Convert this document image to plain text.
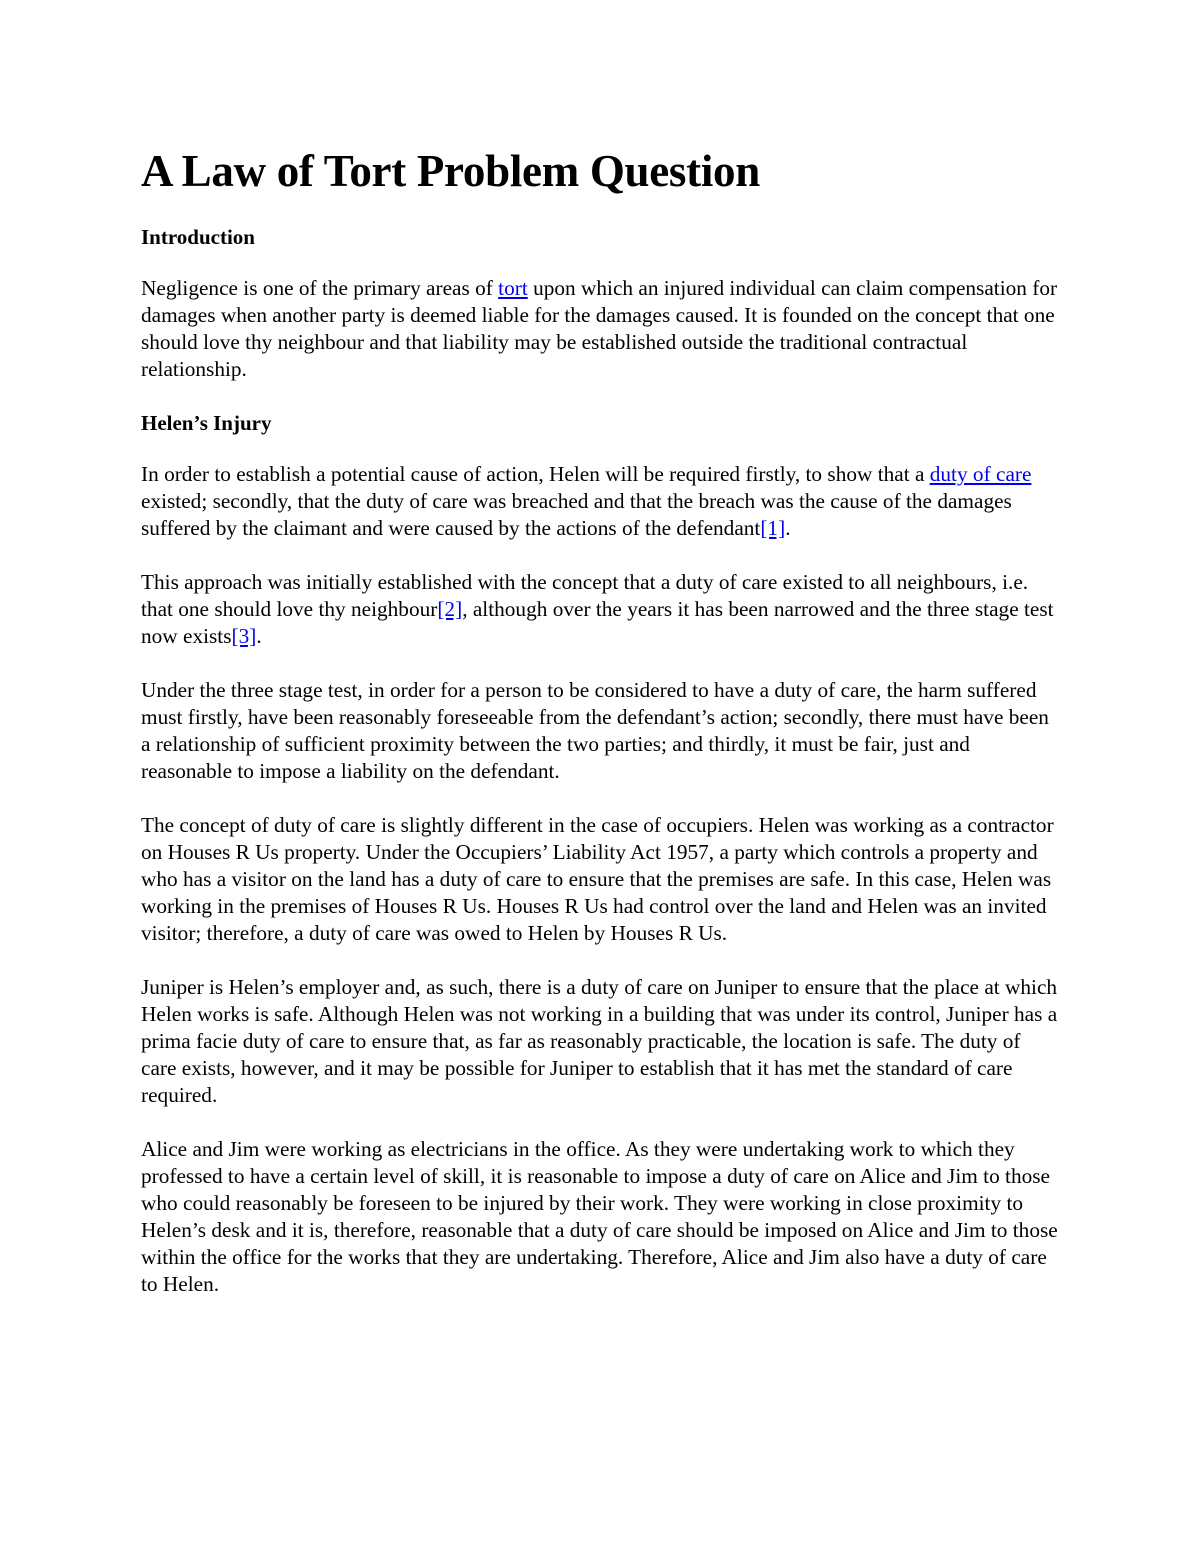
A Law of Tort Problem Question
Introduction

Negligence is one of the primary areas of tort upon which an injured individual can claim compensation for damages when another party is deemed liable for the damages caused. It is founded on the concept that one should love thy neighbour and that liability may be established outside the traditional contractual relationship.

Helen’s Injury

In order to establish a potential cause of action, Helen will be required firstly, to show that a duty of care existed; secondly, that the duty of care was breached and that the breach was the cause of the damages suffered by the claimant and were caused by the actions of the defendant[1].

This approach was initially established with the concept that a duty of care existed to all neighbours, i.e. that one should love thy neighbour[2], although over the years it has been narrowed and the three stage test now exists[3].

Under the three stage test, in order for a person to be considered to have a duty of care, the harm suffered must firstly, have been reasonably foreseeable from the defendant’s action; secondly, there must have been a relationship of sufficient proximity between the two parties; and thirdly, it must be fair, just and reasonable to impose a liability on the defendant.

The concept of duty of care is slightly different in the case of occupiers. Helen was working as a contractor on Houses R Us property. Under the Occupiers’ Liability Act 1957, a party which controls a property and who has a visitor on the land has a duty of care to ensure that the premises are safe. In this case, Helen was working in the premises of Houses R Us. Houses R Us had control over the land and Helen was an invited visitor; therefore, a duty of care was owed to Helen by Houses R Us.

Juniper is Helen’s employer and, as such, there is a duty of care on Juniper to ensure that the place at which Helen works is safe. Although Helen was not working in a building that was under its control, Juniper has a prima facie duty of care to ensure that, as far as reasonably practicable, the location is safe. The duty of care exists, however, and it may be possible for Juniper to establish that it has met the standard of care required.

Alice and Jim were working as electricians in the office. As they were undertaking work to which they professed to have a certain level of skill, it is reasonable to impose a duty of care on Alice and Jim to those who could reasonably be foreseen to be injured by their work. They were working in close proximity to Helen’s desk and it is, therefore, reasonable that a duty of care should be imposed on Alice and Jim to those within the office for the works that they are undertaking. Therefore, Alice and Jim also have a duty of care to Helen.
